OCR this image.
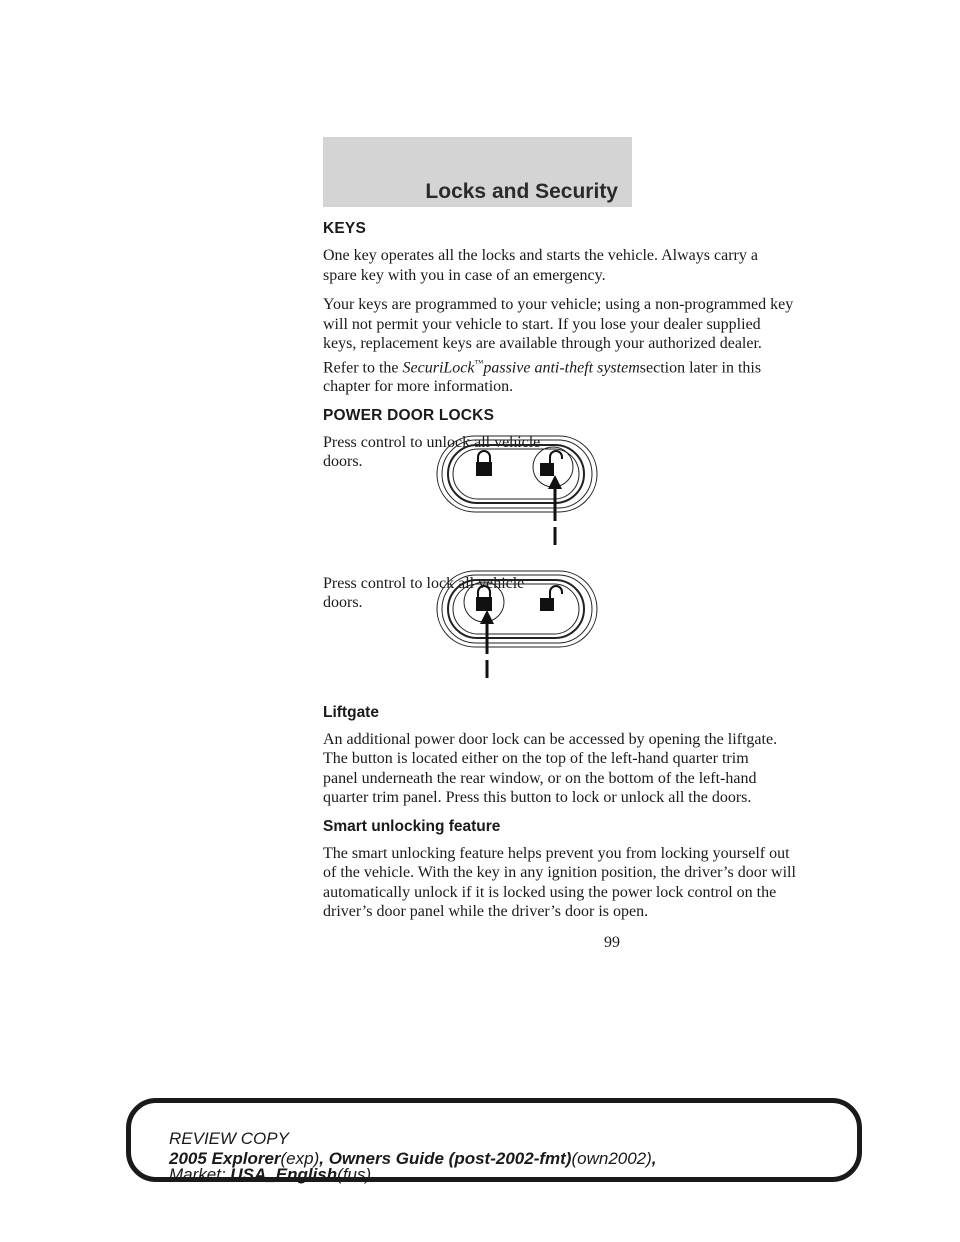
Locks and Security
KEYS

One key operates all the locks and starts the vehicle. Always carry a
spare key with you in case of an emergency.

Your keys are programmed to your vehicle; using a non-programmed key
will not permit your vehicle to start. If you lose your dealer supplied
keys, replacement keys are available through your authorized dealer.
Refer to the SecuriLock™passive anti-theft systemsection later in this
chapter for more information.

POWER DOOR LOCKS

Press control to unlock all vehicle
doors.

Press control to lock all vehicle
doors.

Liftgate

An additional power door lock can be accessed by opening the liftgate.
The button is located either on the top of the left-hand quarter trim
panel underneath the rear window, or on the bottom of the left-hand
quarter trim panel. Press this button to lock or unlock all the doors.

Smart unlocking feature

The smart unlocking feature helps prevent you from locking yourself out
of the vehicle. With the key in any ignition position, the driver’s door will
automatically unlock if it is locked using the power lock control on the
driver’s door panel while the driver’s door is open.

99
REVIEW COPY
2005 Explorer(exp), Owners Guide (post-2002-fmt)(own2002),
Market: USA_English(fus)
